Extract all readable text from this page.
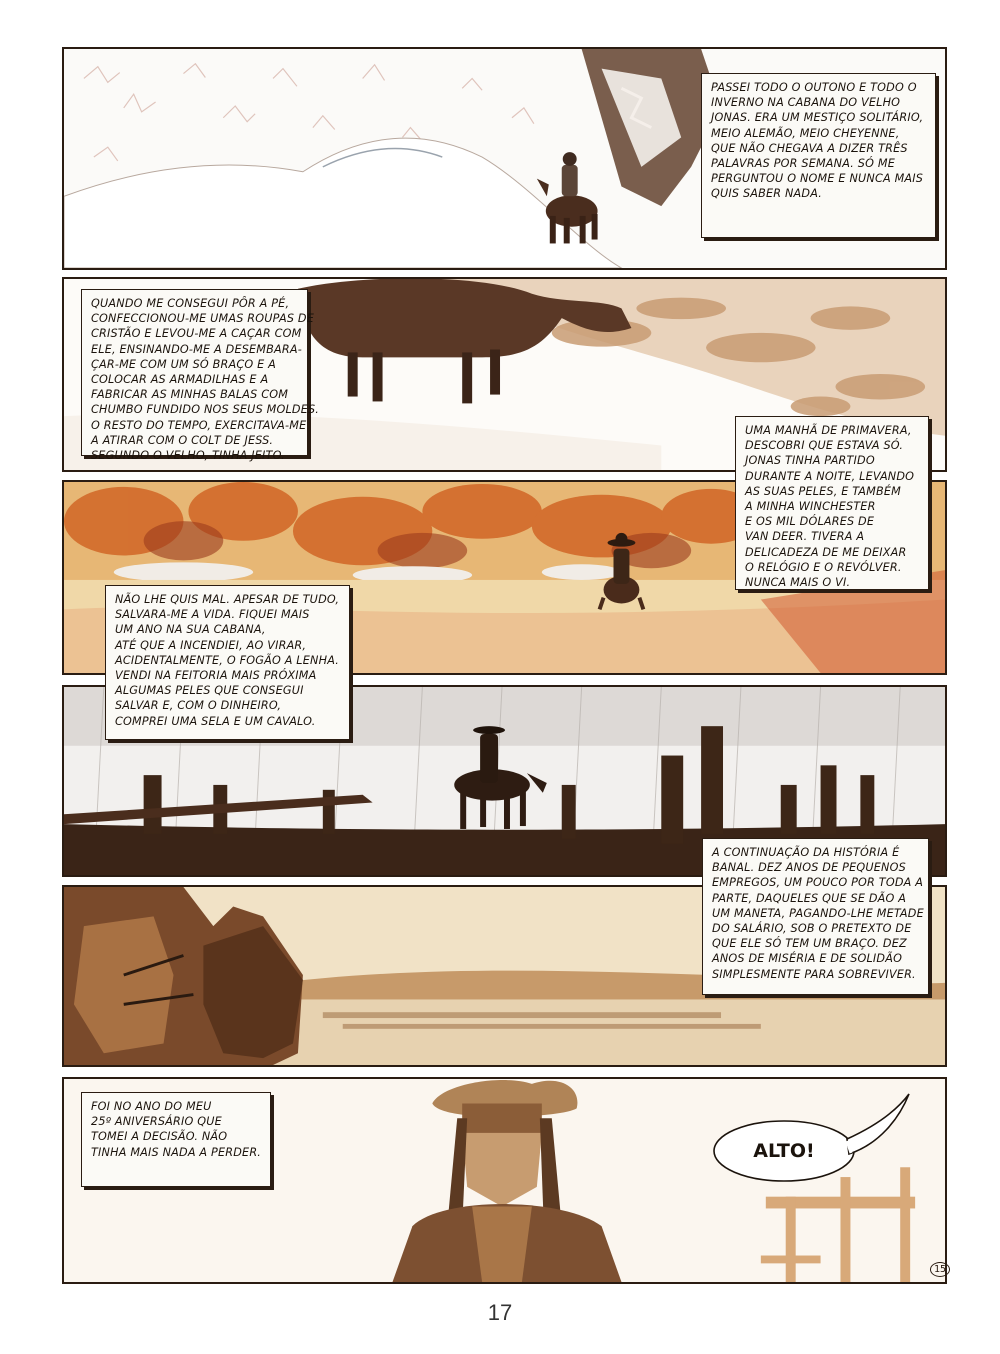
PASSEI TODO O OUTONO E TODO O
INVERNO NA CABANA DO VELHO
JONAS. ERA UM MESTIÇO SOLITÁRIO,
MEIO ALEMÃO, MEIO CHEYENNE,
QUE NÃO CHEGAVA A DIZER TRÊS
PALAVRAS POR SEMANA. SÓ ME
PERGUNTOU O NOME E NUNCA MAIS
QUIS SABER NADA.
QUANDO ME CONSEGUI PÔR A PÉ,
CONFECCIONOU-ME UMAS ROUPAS DE
CRISTÃO E LEVOU-ME A CAÇAR COM
ELE, ENSINANDO-ME A DESEMBARA-
ÇAR-ME COM UM SÓ BRAÇO E A
COLOCAR AS ARMADILHAS E A
FABRICAR AS MINHAS BALAS COM
CHUMBO FUNDIDO NOS SEUS MOLDES.
O RESTO DO TEMPO, EXERCITAVA-ME
A ATIRAR COM O COLT DE JESS.
SEGUNDO O VELHO, TINHA JEITO.
UMA MANHÃ DE PRIMAVERA,
DESCOBRI QUE ESTAVA SÓ.
JONAS TINHA PARTIDO
DURANTE A NOITE, LEVANDO
AS SUAS PELES, E TAMBÉM
A MINHA WINCHESTER
E OS MIL DÓLARES DE
VAN DEER. TIVERA A
DELICADEZA DE ME DEIXAR
O RELÓGIO E O REVÓLVER.
NUNCA MAIS O VI.
NÃO LHE QUIS MAL. APESAR DE TUDO,
SALVARA-ME A VIDA. FIQUEI MAIS
UM ANO NA SUA CABANA,
ATÉ QUE A INCENDIEI, AO VIRAR,
ACIDENTALMENTE, O FOGÃO A LENHA.
VENDI NA FEITORIA MAIS PRÓXIMA
ALGUMAS PELES QUE CONSEGUI
SALVAR E, COM O DINHEIRO,
COMPREI UMA SELA E UM CAVALO.
A CONTINUAÇÃO DA HISTÓRIA É
BANAL. DEZ ANOS DE PEQUENOS
EMPREGOS, UM POUCO POR TODA A
PARTE, DAQUELES QUE SE DÃO A
UM MANETA, PAGANDO-LHE METADE
DO SALÁRIO, SOB O PRETEXTO DE
QUE ELE SÓ TEM UM BRAÇO. DEZ
ANOS DE MISÉRIA E DE SOLIDÃO
SIMPLESMENTE PARA SOBREVIVER.
FOI NO ANO DO MEU
25º ANIVERSÁRIO QUE
TOMEI A DECISÃO. NÃO
TINHA MAIS NADA A PERDER.	ALTO!
15
17
